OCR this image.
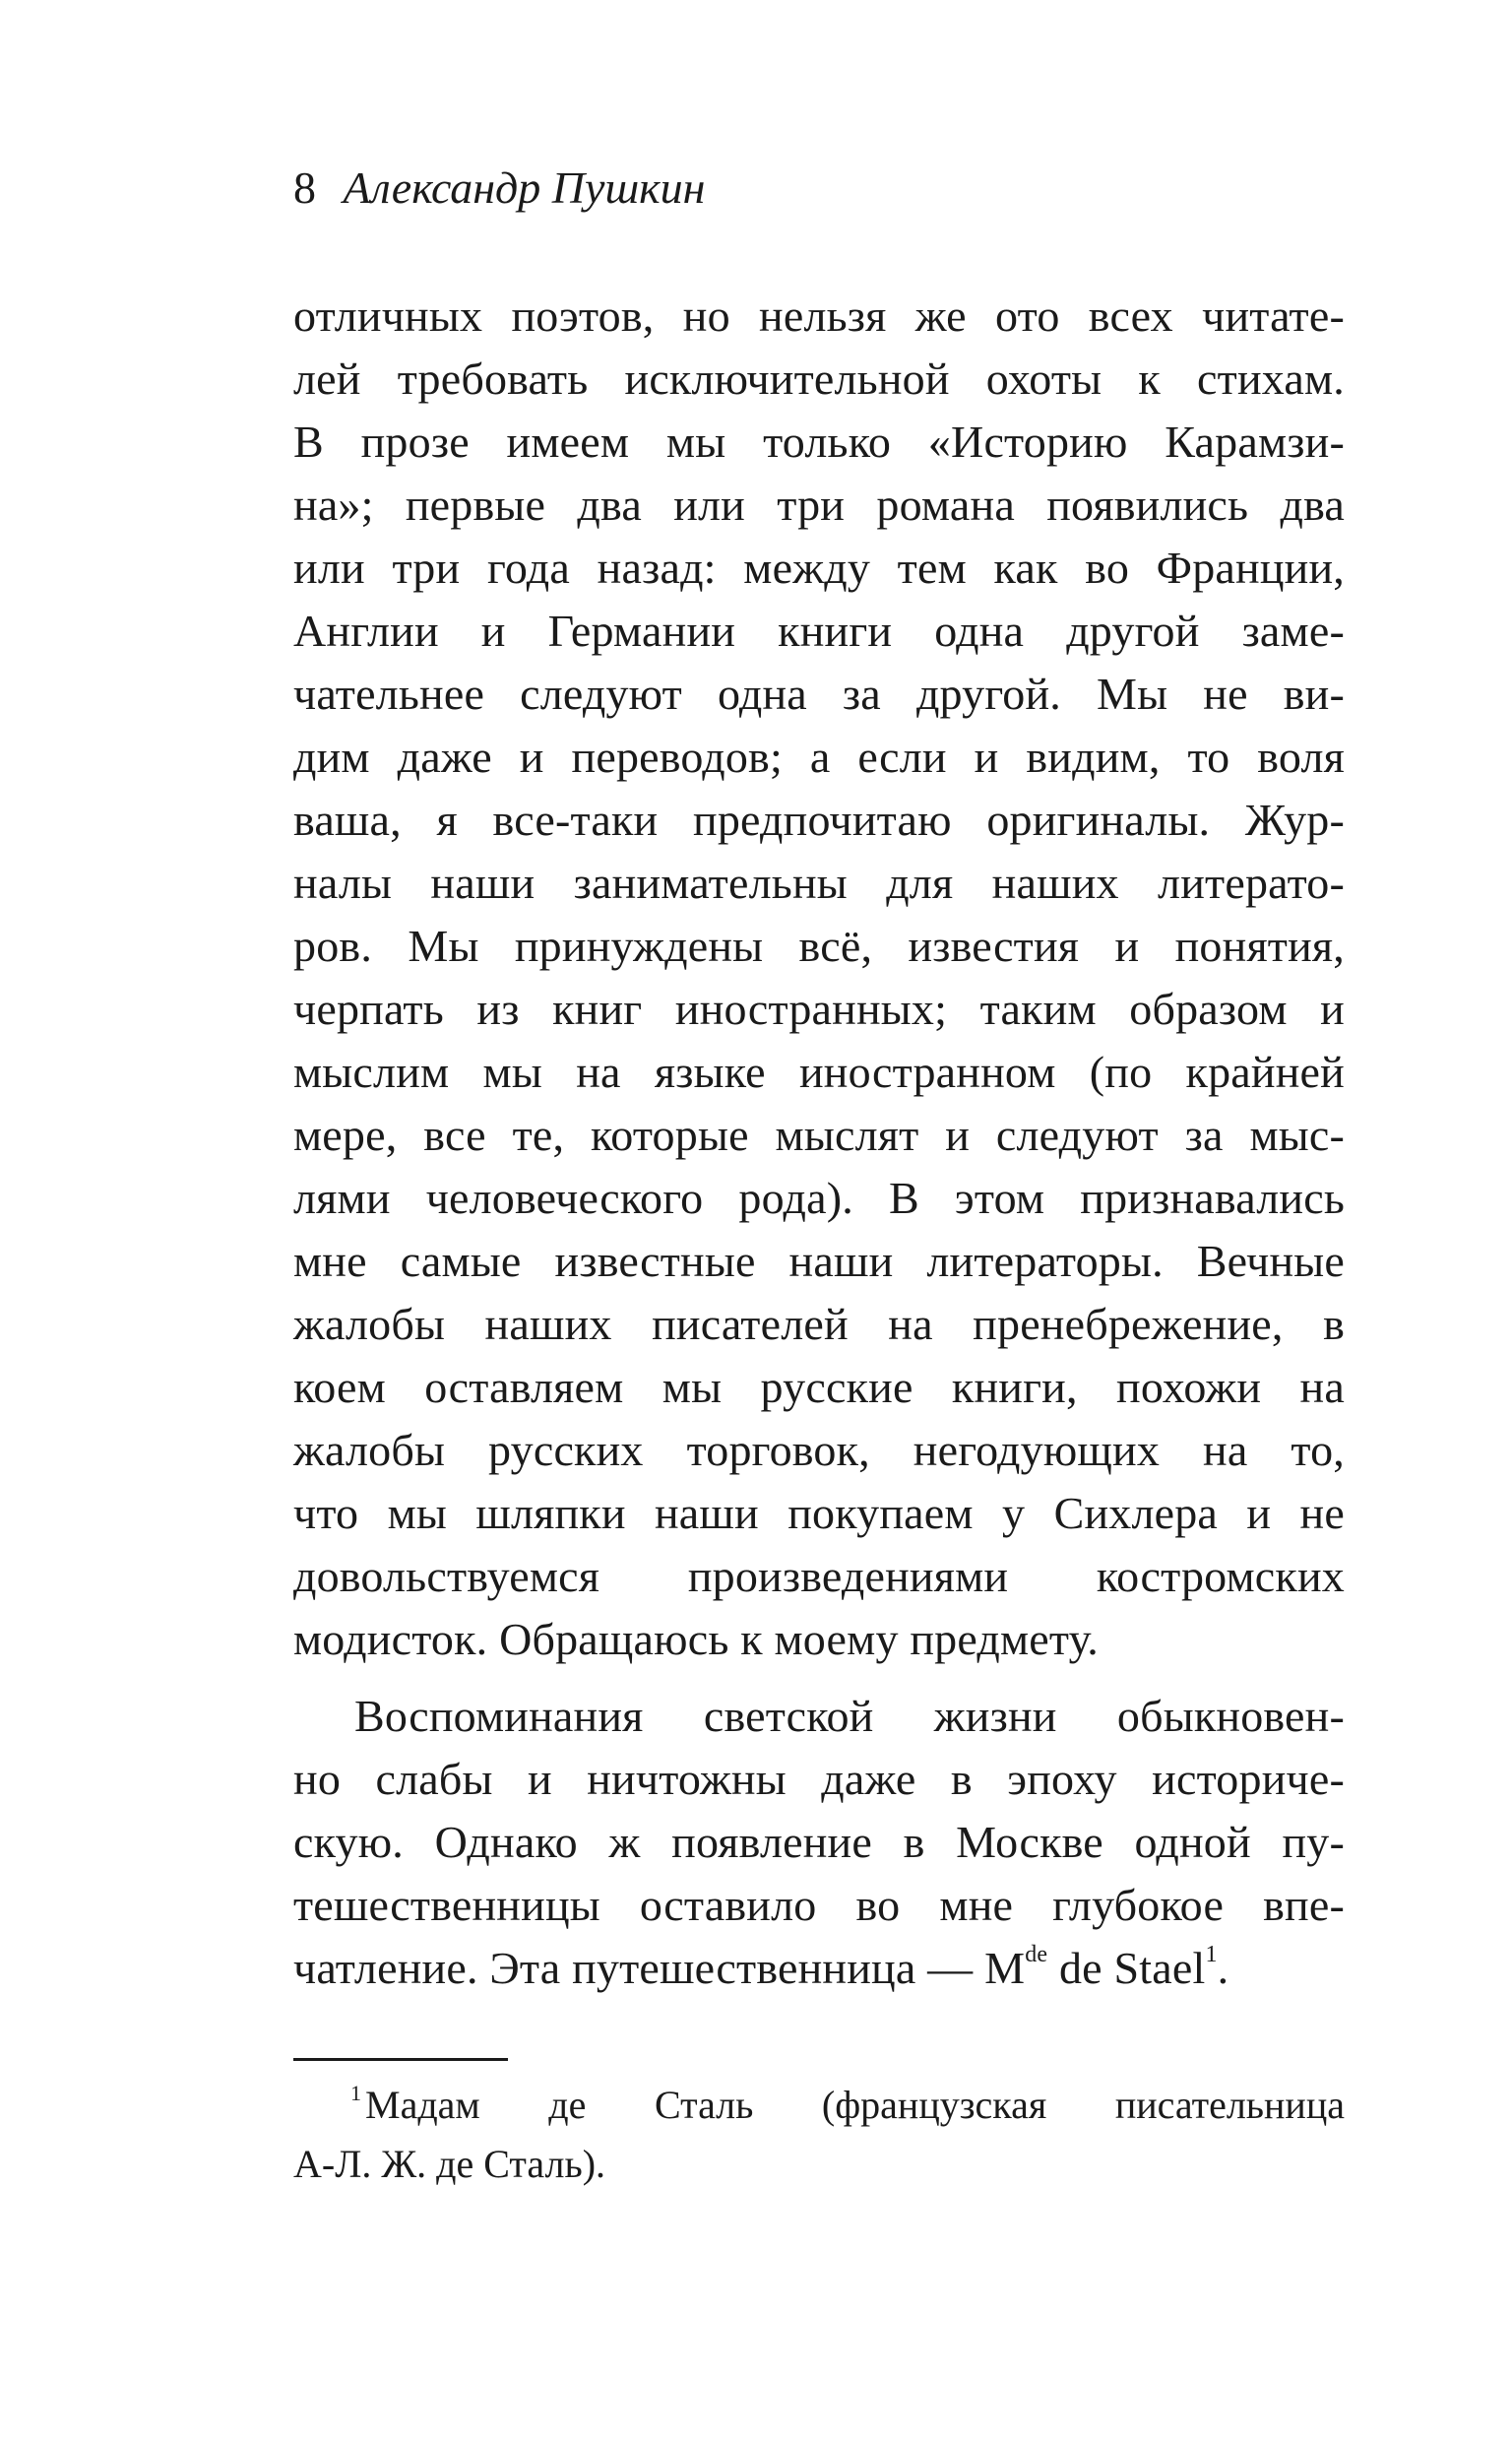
8 Александр Пушкин
отличных поэтов, но нельзя же ото всех читате-
лей требовать исключительной охоты к стихам.
В прозе имеем мы только «Историю Карамзи-
на»; первые два или три романа появились два
или три года назад: между тем как во Франции,
Англии и Германии книги одна другой заме-
чательнее следуют одна за другой. Мы не ви-
дим даже и переводов; а если и видим, то воля
ваша, я все-таки предпочитаю оригиналы. Жур-
налы наши занимательны для наших литерато-
ров. Мы принуждены всё, известия и понятия,
черпать из книг иностранных; таким образом и
мыслим мы на языке иностранном (по крайней
мере, все те, которые мыслят и следуют за мыс-
лями человеческого рода). В этом признавались
мне самые известные наши литераторы. Вечные
жалобы наших писателей на пренебрежение, в
коем оставляем мы русские книги, похожи на
жалобы русских торговок, негодующих на то,
что мы шляпки наши покупаем у Сихлера и не
довольствуемся произведениями костромских
модисток. Обращаюсь к моему предмету.
Воспоминания светской жизни обыкновен-
но слабы и ничтожны даже в эпоху историче-
скую. Однако ж появление в Москве одной пу-
тешественницы оставило во мне глубокое впе-
чатление. Эта путешественница — Mde de Stael$^1$.
$^1$ Мадам де Сталь (французская писательница
А-Л. Ж. де Сталь).
